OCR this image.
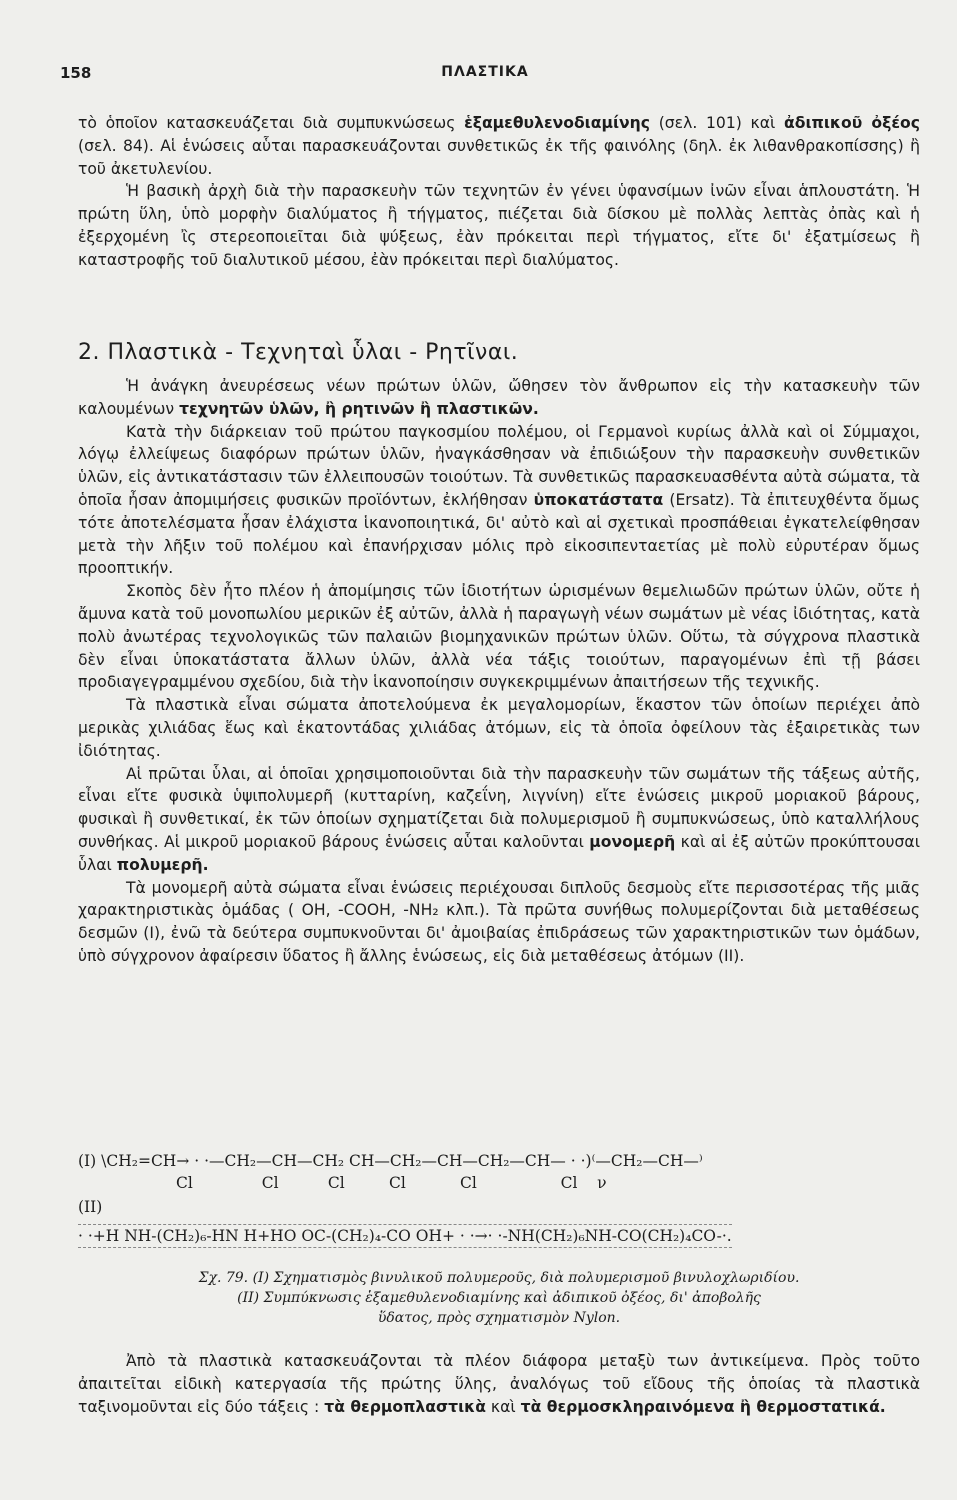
158	ΠΛΑΣΤΙΚΑ

τὸ ὁποῖον κατασκευάζεται διὰ συμπυκνώσεως ἑξαμεθυλενοδιαμίνης (σελ. 101) καὶ ἀδιπικοῦ ὀξέος (σελ. 84). Αἱ ἑνώσεις αὗται παρασκευάζονται συνθετικῶς ἐκ τῆς φαινόλης (δηλ. ἐκ λιθανθρακοπίσσης) ἢ τοῦ ἀκετυλενίου.

Ἡ βασικὴ ἀρχὴ διὰ τὴν παρασκευὴν τῶν τεχνητῶν ἐν γένει ὑφανσίμων ἰνῶν εἶναι ἁπλουστάτη. Ἡ πρώτη ὕλη, ὑπὸ μορφὴν διαλύματος ἢ τήγματος, πιέζεται διὰ δίσκου μὲ πολλὰς λεπτὰς ὀπὰς καὶ ἡ ἐξερχομένη ἲς στερεοποιεῖται διὰ ψύξεως, ἐὰν πρόκειται περὶ τήγματος, εἴτε δι' ἐξατμίσεως ἢ καταστροφῆς τοῦ διαλυτικοῦ μέσου, ἐὰν πρόκειται περὶ διαλύματος.

2. Πλαστικὰ - Τεχνηταὶ ὗλαι - Ρητῖναι.

Ἡ ἀνάγκη ἀνευρέσεως νέων πρώτων ὑλῶν, ὤθησεν τὸν ἄνθρωπον εἰς τὴν κατασκευὴν τῶν καλουμένων τεχνητῶν ὑλῶν, ἢ ρητινῶν ἢ πλαστικῶν.

Κατὰ τὴν διάρκειαν τοῦ πρώτου παγκοσμίου πολέμου, οἱ Γερμανοὶ κυρίως ἀλλὰ καὶ οἱ Σύμμαχοι, λόγῳ ἐλλείψεως διαφόρων πρώτων ὑλῶν, ἠναγκάσθησαν νὰ ἐπιδιώξουν τὴν παρασκευὴν συνθετικῶν ὑλῶν, εἰς ἀντικατάστασιν τῶν ἐλλειπουσῶν τοιούτων. Τὰ συνθετικῶς παρασκευασθέντα αὐτὰ σώματα, τὰ ὁποῖα ἦσαν ἀπομιμήσεις φυσικῶν προϊόντων, ἐκλήθησαν ὑποκατάστατα (Ersatz). Τὰ ἐπιτευχθέντα ὅμως τότε ἀποτελέσματα ἦσαν ἐλάχιστα ἱκανοποιητικά, δι' αὐτὸ καὶ αἱ σχετικαὶ προσπάθειαι ἐγκατελείφθησαν μετὰ τὴν λῆξιν τοῦ πολέμου καὶ ἐπανήρχισαν μόλις πρὸ εἰκοσιπενταετίας μὲ πολὺ εὐρυτέραν ὅμως προοπτικήν.

Σκοπὸς δὲν ἦτο πλέον ἡ ἀπομίμησις τῶν ἰδιοτήτων ὡρισμένων θεμελιωδῶν πρώτων ὑλῶν, οὔτε ἡ ἄμυνα κατὰ τοῦ μονοπωλίου μερικῶν ἐξ αὐτῶν, ἀλλὰ ἡ παραγωγὴ νέων σωμάτων μὲ νέας ἰδιότητας, κατὰ πολὺ ἀνωτέρας τεχνολογικῶς τῶν παλαιῶν βιομηχανικῶν πρώτων ὑλῶν. Οὕτω, τὰ σύγχρονα πλαστικὰ δὲν εἶναι ὑποκατάστατα ἄλλων ὑλῶν, ἀλλὰ νέα τάξις τοιούτων, παραγομένων ἐπὶ τῇ βάσει προδιαγεγραμμένου σχεδίου, διὰ τὴν ἱκανοποίησιν συγκεκριμμένων ἀπαιτήσεων τῆς τεχνικῆς.

Τὰ πλαστικὰ εἶναι σώματα ἀποτελούμενα ἐκ μεγαλομορίων, ἕκαστον τῶν ὁποίων περιέχει ἀπὸ μερικὰς χιλιάδας ἕως καὶ ἑκατοντάδας χιλιάδας ἀτόμων, εἰς τὰ ὁποῖα ὀφείλουν τὰς ἐξαιρετικὰς των ἰδιότητας.

Αἱ πρῶται ὗλαι, αἱ ὁποῖαι χρησιμοποιοῦνται διὰ τὴν παρασκευὴν τῶν σωμάτων τῆς τάξεως αὐτῆς, εἶναι εἴτε φυσικὰ ὑψιπολυμερῆ (κυτταρίνη, καζεΐνη, λιγνίνη) εἴτε ἑνώσεις μικροῦ μοριακοῦ βάρους, φυσικαὶ ἢ συνθετικαί, ἐκ τῶν ὁποίων σχηματίζεται διὰ πολυμερισμοῦ ἢ συμπυκνώσεως, ὑπὸ καταλλήλους συνθήκας. Αἱ μικροῦ μοριακοῦ βάρους ἑνώσεις αὗται καλοῦνται μονομερῆ καὶ αἱ ἐξ αὐτῶν προκύπτουσαι ὗλαι πολυμερῆ.

Τὰ μονομερῆ αὐτὰ σώματα εἶναι ἑνώσεις περιέχουσαι διπλοῦς δεσμοὺς εἴτε περισσοτέρας τῆς μιᾶς χαρακτηριστικὰς ὁμάδας ( OH, -COOH, -NH₂ κλπ.). Τὰ πρῶτα συνήθως πολυμερίζονται διὰ μεταθέσεως δεσμῶν (I), ἐνῶ τὰ δεύτερα συμπυκνοῦνται δι' ἀμοιβαίας ἐπιδράσεως τῶν χαρακτηριστικῶν των ὁμάδων, ὑπὸ σύγχρονον ἀφαίρεσιν ὕδατος ἢ ἄλλης ἑνώσεως, εἰς διὰ μεταθέσεως ἀτόμων (II).

(I) \CH₂=CH→ · ·—CH₂—CH—CH₂ CH—CH₂—CH—CH₂—CH— · ·)⁽—CH₂—CH—⁾
Cl              Cl          Cl         Cl           Cl                 Cl    ν
(II)
· ·+H NH-(CH₂)₆-HN H+HO OC-(CH₂)₄-CO OH+ · ·→· ·-NH(CH₂)₆NH-CO(CH₂)₄CO-·.
Σχ. 79. (I) Σχηματισμὸς βινυλικοῦ πολυμεροῦς, διὰ πολυμερισμοῦ βινυλοχλωριδίου.
(II) Συμπύκνωσις ἑξαμεθυλενοδιαμίνης καὶ ἀδιπικοῦ ὀξέος, δι' ἀποβολῆς
ὕδατος, πρὸς σχηματισμὸν Nylon.

Ἀπὸ τὰ πλαστικὰ κατασκευάζονται τὰ πλέον διάφορα μεταξὺ των ἀντικείμενα. Πρὸς τοῦτο ἀπαιτεῖται εἰδικὴ κατεργασία τῆς πρώτης ὕλης, ἀναλόγως τοῦ εἴδους τῆς ὁποίας τὰ πλαστικὰ ταξινομοῦνται εἰς δύο τάξεις : τὰ θερμοπλαστικὰ καὶ τὰ θερμοσκληραινόμενα ἢ θερμοστατικά.
